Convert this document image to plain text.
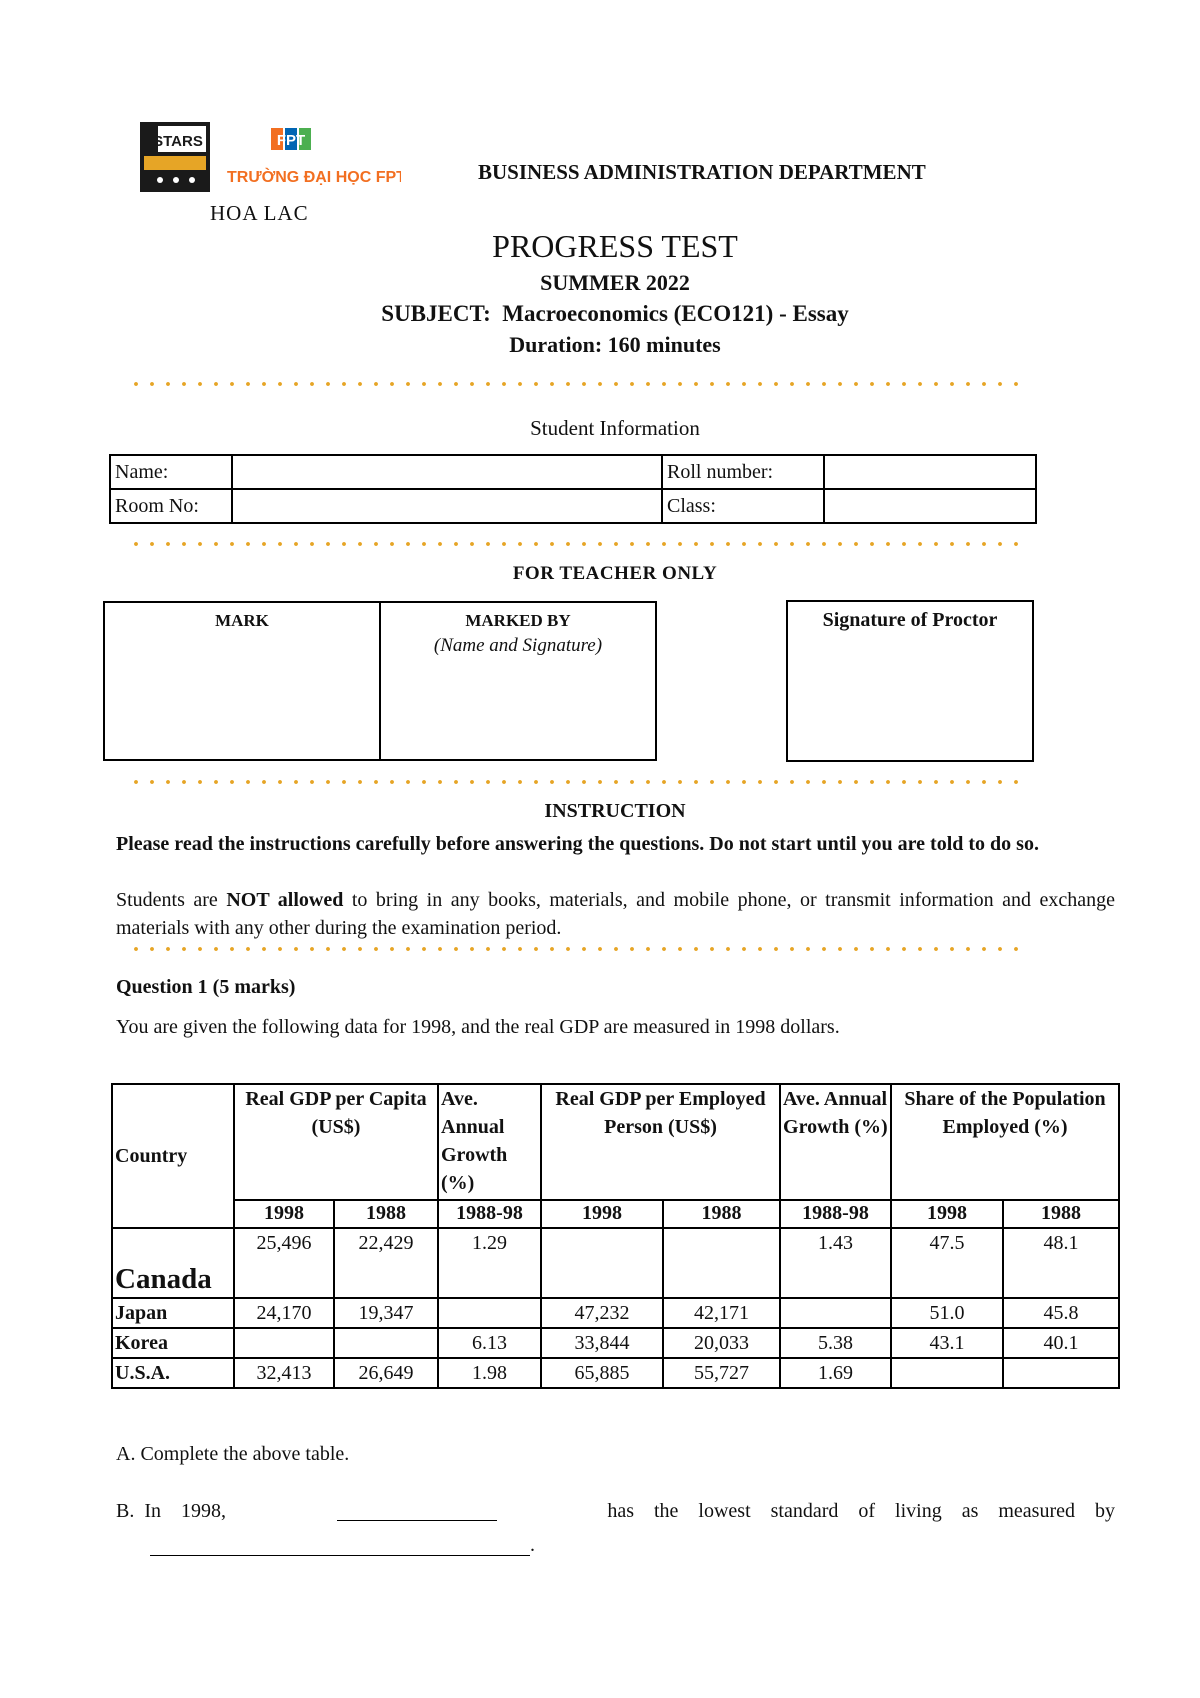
STARS	FPT
TRƯỜNG ĐẠI HỌC FPT
HOA LAC
BUSINESS ADMINISTRATION DEPARTMENT
PROGRESS TEST
SUMMER 2022
SUBJECT: Macroeconomics (ECO121) - Essay
Duration: 160 minutes
Student Information
Name:		Roll number:	
Room No:		Class:	
FOR TEACHER ONLY
MARK	MARKED BY
(Name and Signature)
Signature of Proctor
INSTRUCTION
Please read the instructions carefully before answering the questions. Do not start until you are told to do so.
Students are NOT allowed to bring in any books, materials, and mobile phone, or transmit information and exchange materials with any other during the examination period.
Question 1 (5 marks)
You are given the following data for 1998, and the real GDP are measured in 1998 dollars.
Country	Real GDP per Capita (US$)		Ave. Annual Growth (%)	Real GDP per Employed Person (US$)		Ave. Annual Growth (%)	Share of the Population Employed (%)	
	1998	1988	1988-98	1998	1988	1988-98	1998	1988
Canada	25,496	22,429	1.29			1.43	47.5	48.1
Japan	24,170	19,347		47,232	42,171		51.0	45.8
Korea			6.13	33,844	20,033	5.38	43.1	40.1
U.S.A.	32,413	26,649	1.98	65,885	55,727	1.69		
A. Complete the above table.
B.  In    1998,	has    the    lowest    standard    of    living    as    measured    by
.
